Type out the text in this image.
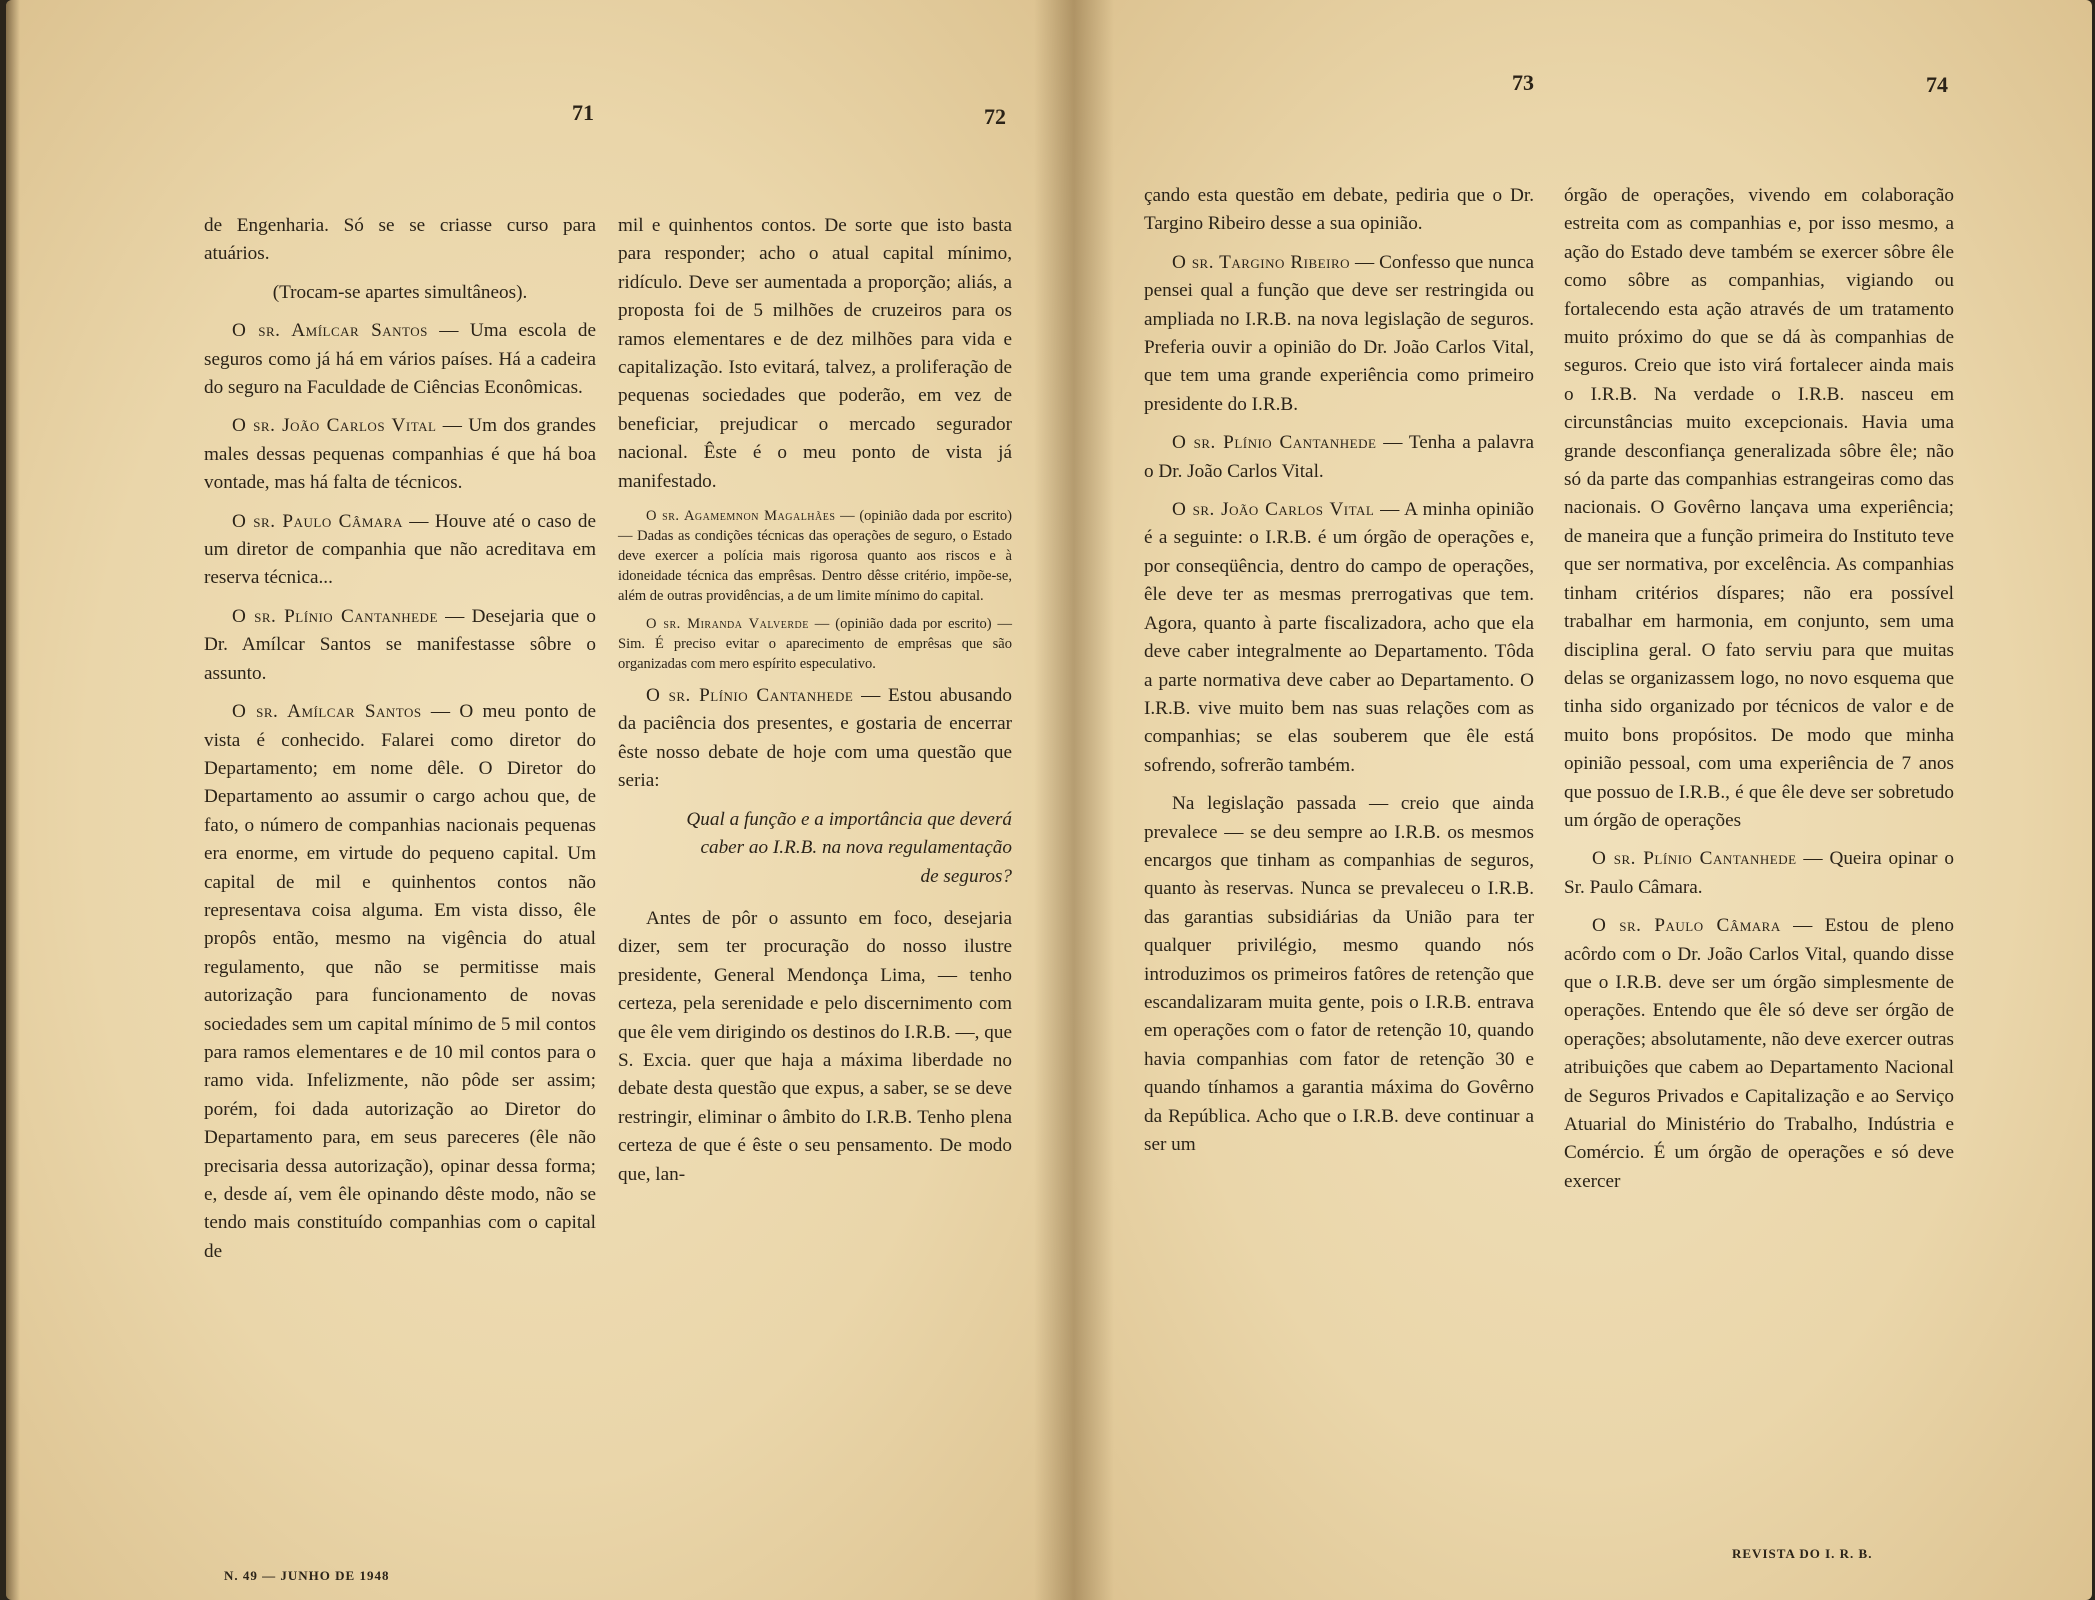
71	72

de Engenharia. Só se se criasse curso para atuários.

(Trocam-se apartes simultâneos).

O sr. Amílcar Santos — Uma escola de seguros como já há em vários países. Há a cadeira do seguro na Faculdade de Ciências Econômicas.

O sr. João Carlos Vital — Um dos grandes males dessas pequenas companhias é que há boa vontade, mas há falta de técnicos.

O sr. Paulo Câmara — Houve até o caso de um diretor de companhia que não acreditava em reserva técnica...

O sr. Plínio Cantanhede — Desejaria que o Dr. Amílcar Santos se manifestasse sôbre o assunto.

O sr. Amílcar Santos — O meu ponto de vista é conhecido. Falarei como diretor do Departamento; em nome dêle. O Diretor do Departamento ao assumir o cargo achou que, de fato, o número de companhias nacionais pequenas era enorme, em virtude do pequeno capital. Um capital de mil e quinhentos contos não representava coisa alguma. Em vista disso, êle propôs então, mesmo na vigência do atual regulamento, que não se permitisse mais autorização para funcionamento de novas sociedades sem um capital mínimo de 5 mil contos para ramos elementares e de 10 mil contos para o ramo vida. Infelizmente, não pôde ser assim; porém, foi dada autorização ao Diretor do Departamento para, em seus pareceres (êle não precisaria dessa autorização), opinar dessa forma; e, desde aí, vem êle opinando dêste modo, não se tendo mais constituído companhias com o capital de

mil e quinhentos contos. De sorte que isto basta para responder; acho o atual capital mínimo, ridículo. Deve ser aumentada a proporção; aliás, a proposta foi de 5 milhões de cruzeiros para os ramos elementares e de dez milhões para vida e capitalização. Isto evitará, talvez, a proliferação de pequenas sociedades que poderão, em vez de beneficiar, prejudicar o mercado segurador nacional. Êste é o meu ponto de vista já manifestado.

O sr. Agamemnon Magalhães — (opinião dada por escrito) — Dadas as condições técnicas das operações de seguro, o Estado deve exercer a polícia mais rigorosa quanto aos riscos e à idoneidade técnica das emprêsas. Dentro dêsse critério, impõe-se, além de outras providências, a de um limite mínimo do capital.

O sr. Miranda Valverde — (opinião dada por escrito) — Sim. É preciso evitar o aparecimento de emprêsas que são organizadas com mero espírito especulativo.

O sr. Plínio Cantanhede — Estou abusando da paciência dos presentes, e gostaria de encerrar êste nosso debate de hoje com uma questão que seria:

Qual a função e a importância que deverá caber ao I.R.B. na nova regulamentação de seguros?

Antes de pôr o assunto em foco, desejaria dizer, sem ter procuração do nosso ilustre presidente, General Mendonça Lima, — tenho certeza, pela serenidade e pelo discernimento com que êle vem dirigindo os destinos do I.R.B. —, que S. Excia. quer que haja a máxima liberdade no debate desta questão que expus, a saber, se se deve restringir, eliminar o âmbito do I.R.B. Tenho plena certeza de que é êste o seu pensamento. De modo que, lan-

N. 49 — JUNHO DE 1948
73	74

çando esta questão em debate, pediria que o Dr. Targino Ribeiro desse a sua opinião.

O sr. Targino Ribeiro — Confesso que nunca pensei qual a função que deve ser restringida ou ampliada no I.R.B. na nova legislação de seguros. Preferia ouvir a opinião do Dr. João Carlos Vital, que tem uma grande experiência como primeiro presidente do I.R.B.

O sr. Plínio Cantanhede — Tenha a palavra o Dr. João Carlos Vital.

O sr. João Carlos Vital — A minha opinião é a seguinte: o I.R.B. é um órgão de operações e, por conseqüência, dentro do campo de operações, êle deve ter as mesmas prerrogativas que tem. Agora, quanto à parte fiscalizadora, acho que ela deve caber integralmente ao Departamento. Tôda a parte normativa deve caber ao Departamento. O I.R.B. vive muito bem nas suas relações com as companhias; se elas souberem que êle está sofrendo, sofrerão também.

Na legislação passada — creio que ainda prevalece — se deu sempre ao I.R.B. os mesmos encargos que tinham as companhias de seguros, quanto às reservas. Nunca se prevaleceu o I.R.B. das garantias subsidiárias da União para ter qualquer privilégio, mesmo quando nós introduzimos os primeiros fatôres de retenção que escandalizaram muita gente, pois o I.R.B. entrava em operações com o fator de retenção 10, quando havia companhias com fator de retenção 30 e quando tínhamos a garantia máxima do Govêrno da República. Acho que o I.R.B. deve continuar a ser um

órgão de operações, vivendo em colaboração estreita com as companhias e, por isso mesmo, a ação do Estado deve também se exercer sôbre êle como sôbre as companhias, vigiando ou fortalecendo esta ação através de um tratamento muito próximo do que se dá às companhias de seguros. Creio que isto virá fortalecer ainda mais o I.R.B. Na verdade o I.R.B. nasceu em circunstâncias muito excepcionais. Havia uma grande desconfiança generalizada sôbre êle; não só da parte das companhias estrangeiras como das nacionais. O Govêrno lançava uma experiência; de maneira que a função primeira do Instituto teve que ser normativa, por excelência. As companhias tinham critérios díspares; não era possível trabalhar em harmonia, em conjunto, sem uma disciplina geral. O fato serviu para que muitas delas se organizassem logo, no novo esquema que tinha sido organizado por técnicos de valor e de muito bons propósitos. De modo que minha opinião pessoal, com uma experiência de 7 anos que possuo de I.R.B., é que êle deve ser sobretudo um órgão de operações

O sr. Plínio Cantanhede — Queira opinar o Sr. Paulo Câmara.

O sr. Paulo Câmara — Estou de pleno acôrdo com o Dr. João Carlos Vital, quando disse que o I.R.B. deve ser um órgão simplesmente de operações. Entendo que êle só deve ser órgão de operações; absolutamente, não deve exercer outras atribuições que cabem ao Departamento Nacional de Seguros Privados e Capitalização e ao Serviço Atuarial do Ministério do Trabalho, Indústria e Comércio. É um órgão de operações e só deve exercer

REVISTA DO I. R. B.
